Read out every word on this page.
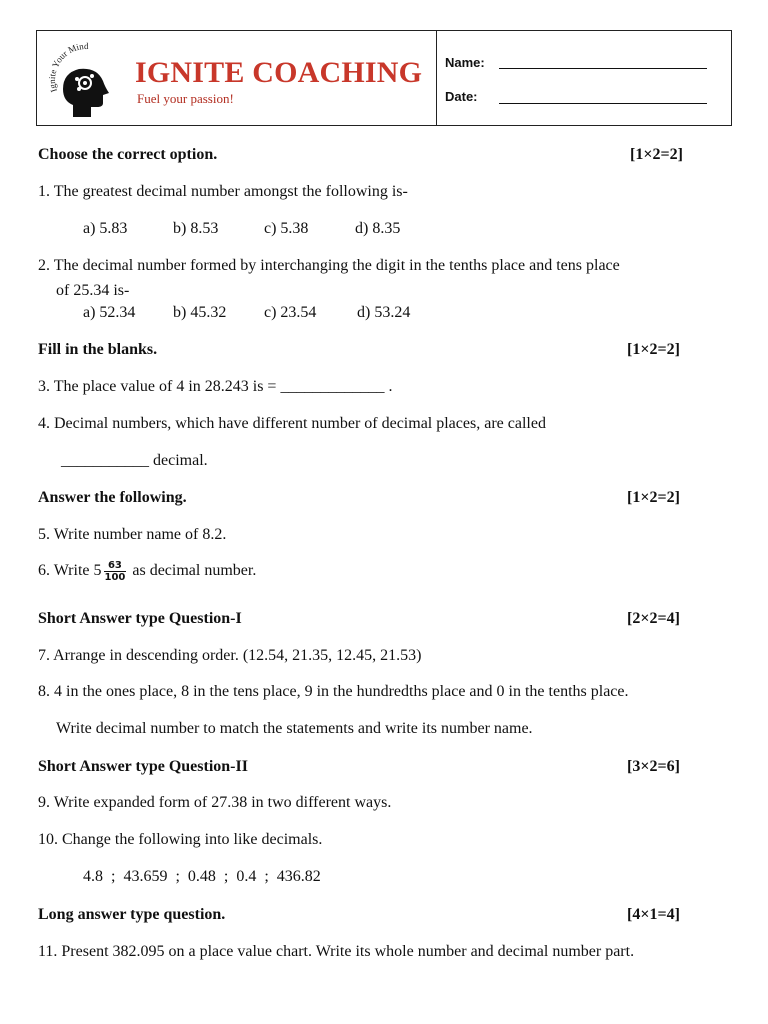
Ignite Your Mind
IGNITE COACHING
Fuel your passion!
Name:
Date:
Choose the correct option.	[1×2=2]
1. The greatest decimal number amongst the following is-
a) 5.83	b) 8.53	c) 5.38	d) 8.35
2. The decimal number formed by interchanging the digit in the tenths place and tens place
of 25.34 is-
a) 52.34 b) 45.32 c) 23.54	d) 53.24
Fill in the blanks.	[1×2=2]
3. The place value of 4 in 28.243 is = _____________ .
4. Decimal numbers, which have different number of decimal places, are called
___________ decimal.
Answer the following.	[1×2=2]
5. Write number name of 8.2.
6. Write $5 \frac{63}{100}$ as decimal number.
Short Answer type Question-I	[2×2=4]
7. Arrange in descending order. (12.54, 21.35, 12.45, 21.53)
8. 4 in the ones place, 8 in the tens place, 9 in the hundredths place and 0 in the tenths place.
Write decimal number to match the statements and write its number name.
Short Answer type Question-II	[3×2=6]
9. Write expanded form of 27.38 in two different ways.
10. Change the following into like decimals.
4.8  ;  43.659  ;  0.48  ;  0.4  ;  436.82
Long answer type question.	[4×1=4]
11. Present 382.095 on a place value chart. Write its whole number and decimal number part.
